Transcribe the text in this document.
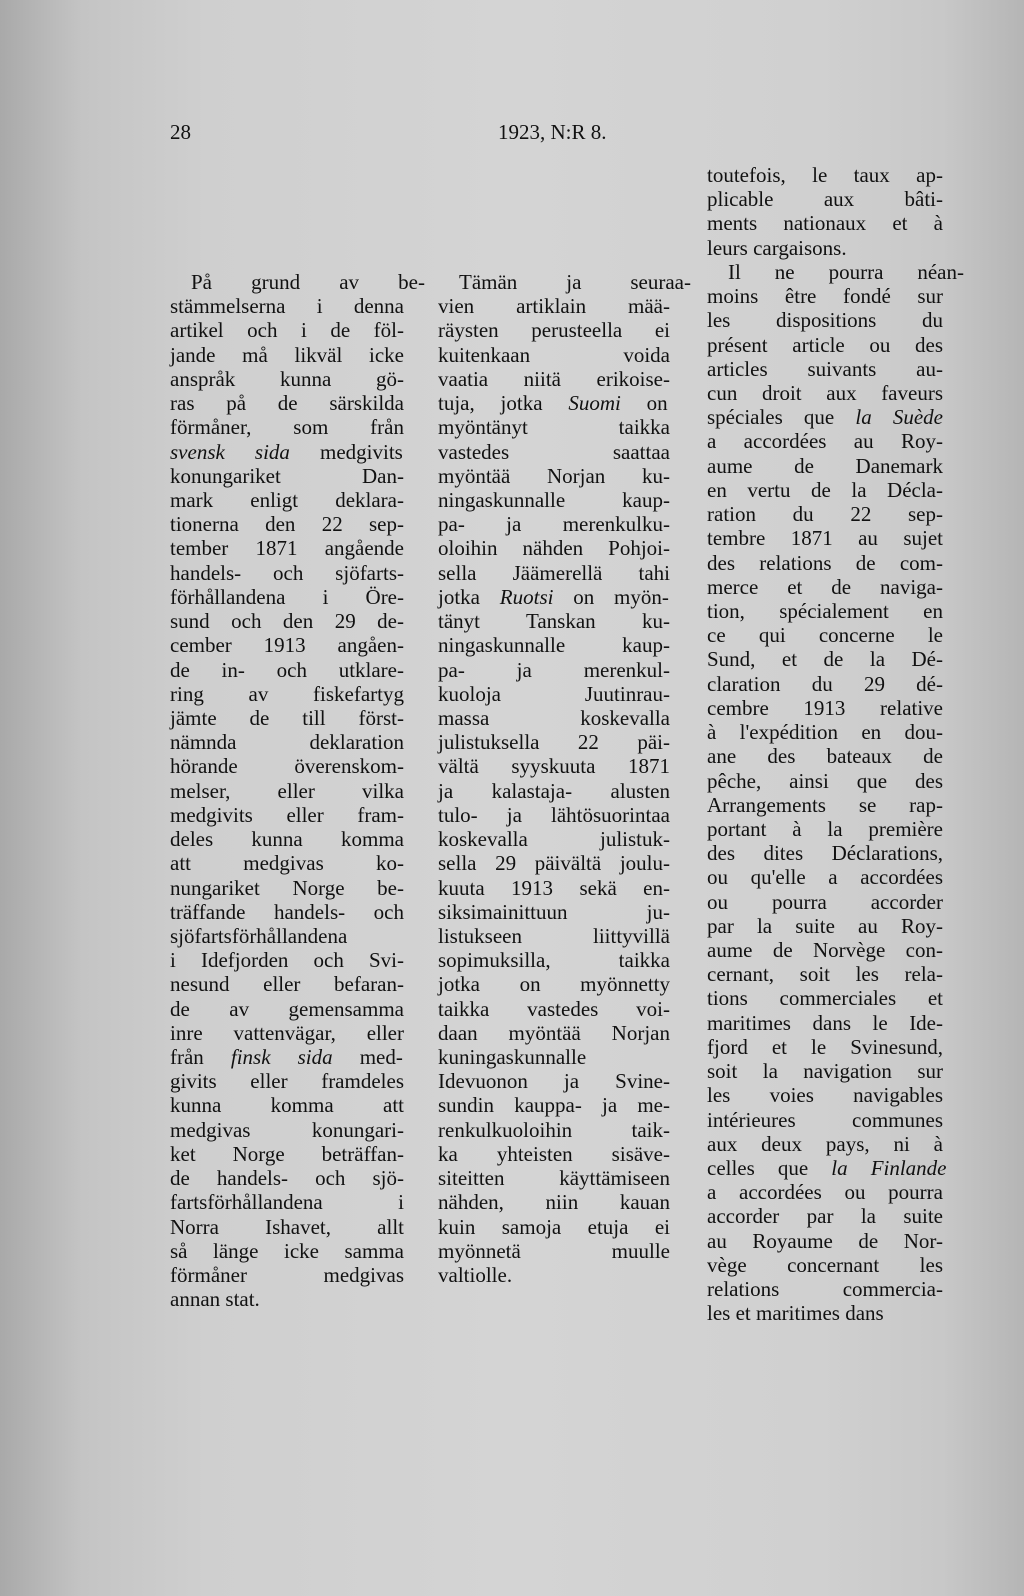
28	1923, N:R 8.
På grund av be-
stämmelserna i denna
artikel och i de föl-
jande må likväl icke
anspråk kunna gö-
ras på de särskilda
förmåner, som från
svensk sida medgivits
konungariket Dan-
mark enligt deklara-
tionerna den 22 sep-
tember 1871 angående
handels- och sjöfarts-
förhållandena i Öre-
sund och den 29 de-
cember 1913 angåen-
de in- och utklare-
ring av fiskefartyg
jämte de till först-
nämnda deklaration
hörande överenskom-
melser, eller vilka
medgivits eller fram-
deles kunna komma
att medgivas ko-
nungariket Norge be-
träffande handels- och
sjöfartsförhållandena
i Idefjorden och Svi-
nesund eller befaran-
de av gemensamma
inre vattenvägar, eller
från finsk sida med-
givits eller framdeles
kunna komma att
medgivas konungari-
ket Norge beträffan-
de handels- och sjö-
fartsförhållandena i
Norra Ishavet, allt
så länge icke samma
förmåner medgivas
annan stat.
Tämän ja seuraa-
vien artiklain mää-
räysten perusteella ei
kuitenkaan voida
vaatia niitä erikoise-
tuja, jotka Suomi on
myöntänyt taikka
vastedes saattaa
myöntää Norjan ku-
ningaskunnalle kaup-
pa- ja merenkulku-
oloihin nähden Pohjoi-
sella Jäämerellä tahi
jotka Ruotsi on myön-
tänyt Tanskan ku-
ningaskunnalle kaup-
pa- ja merenkul-
kuoloja Juutinrau-
massa koskevalla
julistuksella 22 päi-
vältä syyskuuta 1871
ja kalastaja- alusten
tulo- ja lähtösuorintaa
koskevalla julistuk-
sella 29 päivältä joulu-
kuuta 1913 sekä en-
siksimainittuun ju-
listukseen liittyvillä
sopimuksilla, taikka
jotka on myönnetty
taikka vastedes voi-
daan myöntää Norjan
kuningaskunnalle
Idevuonon ja Svine-
sundin kauppa- ja me-
renkulkuoloihin taik-
ka yhteisten sisäve-
siteitten käyttämiseen
nähden, niin kauan
kuin samoja etuja ei
myönnetä muulle
valtiolle.
toutefois, le taux ap-
plicable aux bâti-
ments nationaux et à
leurs cargaisons.
Il ne pourra néan-
moins être fondé sur
les dispositions du
présent article ou des
articles suivants au-
cun droit aux faveurs
spéciales que la Suède
a accordées au Roy-
aume de Danemark
en vertu de la Décla-
ration du 22 sep-
tembre 1871 au sujet
des relations de com-
merce et de naviga-
tion, spécialement en
ce qui concerne le
Sund, et de la Dé-
claration du 29 dé-
cembre 1913 relative
à l'expédition en dou-
ane des bateaux de
pêche, ainsi que des
Arrangements se rap-
portant à la première
des dites Déclarations,
ou qu'elle a accordées
ou pourra accorder
par la suite au Roy-
aume de Norvège con-
cernant, soit les rela-
tions commerciales et
maritimes dans le Ide-
fjord et le Svinesund,
soit la navigation sur
les voies navigables
intérieures communes
aux deux pays, ni à
celles que la Finlande
a accordées ou pourra
accorder par la suite
au Royaume de Nor-
vège concernant les
relations commercia-
les et maritimes dans
